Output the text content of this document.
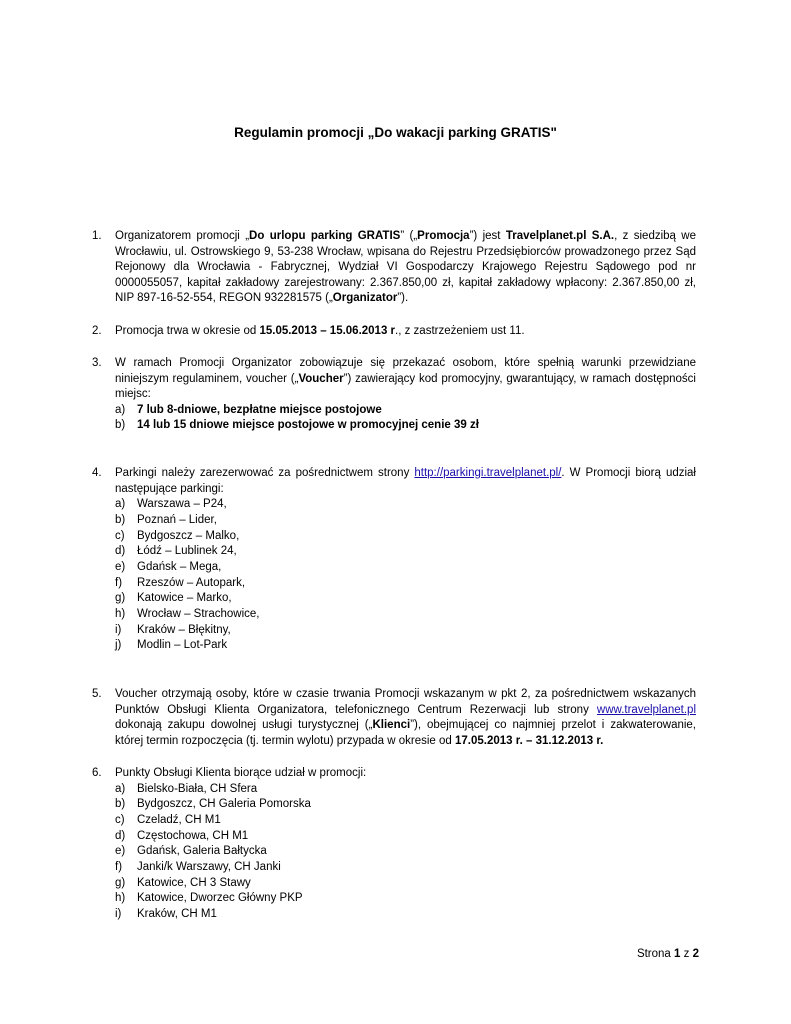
Regulamin promocji „Do wakacji parking GRATIS"
1.	Organizatorem promocji „Do urlopu parking GRATIS” („Promocja”) jest Travelplanet.pl S.A., z siedzibą we Wrocławiu, ul. Ostrowskiego 9, 53-238 Wrocław, wpisana do Rejestru Przedsiębiorców prowadzonego przez Sąd Rejonowy dla Wrocławia - Fabrycznej, Wydział VI Gospodarczy Krajowego Rejestru Sądowego pod nr 0000055057, kapitał zakładowy zarejestrowany: 2.367.850,00 zł, kapitał zakładowy wpłacony: 2.367.850,00 zł, NIP 897-16-52-554, REGON 932281575 („Organizator”).

2.	Promocja trwa w okresie od 15.05.2013 – 15.06.2013 r., z zastrzeżeniem ust 11.

3.	W ramach Promocji Organizator zobowiązuje się przekazać osobom, które spełnią warunki przewidziane niniejszym regulaminem, voucher („Voucher”) zawierający kod promocyjny, gwarantujący, w ramach dostępności miejsc:

a)	7 lub 8-dniowe, bezpłatne miejsce postojowe
b)	14 lub 15 dniowe miejsce postojowe w promocyjnej cenie 39 zł
4.	Parkingi należy zarezerwować za pośrednictwem strony http://parkingi.travelplanet.pl/. W Promocji biorą udział następujące parkingi:

a)	Warszawa – P24,
b)	Poznań – Lider,
c)	Bydgoszcz – Malko,
d)	Łódź – Lublinek 24,
e)	Gdańsk – Mega,
f)	Rzeszów – Autopark,
g)	Katowice – Marko,
h)	Wrocław – Strachowice,
i)	Kraków – Błękitny,
j)	Modlin – Lot-Park
5.	Voucher otrzymają osoby, które w czasie trwania Promocji wskazanym w pkt 2, za pośrednictwem wskazanych Punktów Obsługi Klienta Organizatora, telefonicznego Centrum Rezerwacji lub strony www.travelplanet.pl dokonają zakupu dowolnej usługi turystycznej („Klienci”), obejmującej co najmniej przelot i zakwaterowanie, której termin rozpoczęcia (tj. termin wylotu) przypada w okresie od 17.05.2013 r. – 31.12.2013 r.

6.	Punkty Obsługi Klienta biorące udział w promocji:

a)	Bielsko-Biała, CH Sfera
b)	Bydgoszcz, CH Galeria Pomorska
c)	Czeladź, CH M1
d)	Częstochowa, CH M1
e)	Gdańsk, Galeria Bałtycka
f)	Janki/k Warszawy, CH Janki
g)	Katowice, CH 3 Stawy
h)	Katowice, Dworzec Główny PKP
i)	Kraków, CH M1
Strona 1 z 2
